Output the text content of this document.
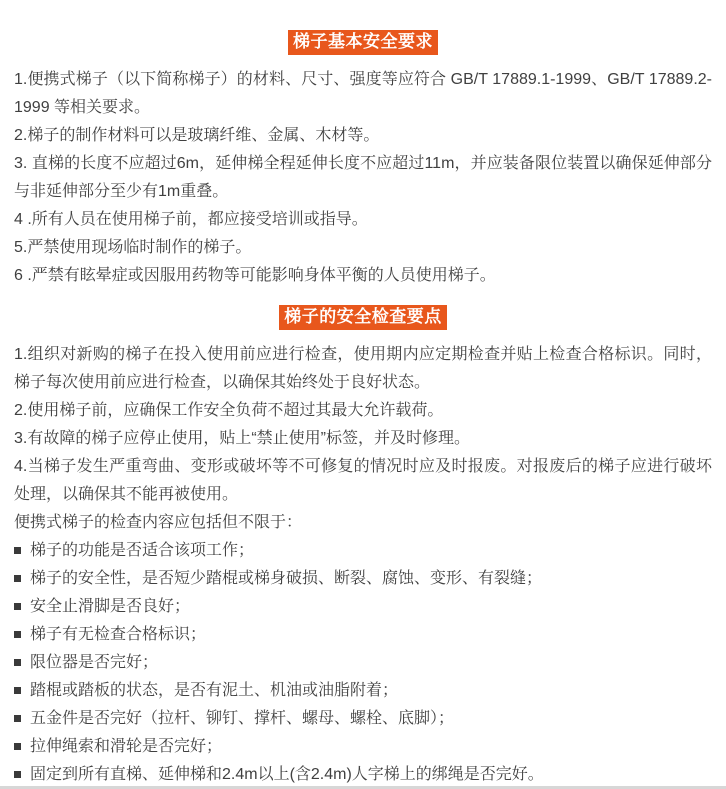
梯子基本安全要求

1.便携式梯子（以下简称梯子）的材料、尺寸、强度等应符合 GB/T 17889.1-1999、GB/T 17889.2-1999 等相关要求。

2.梯子的制作材料可以是玻璃纤维、金属、木材等。

3. 直梯的长度不应超过6m，延伸梯全程延伸长度不应超过11m，并应装备限位装置以确保延伸部分与非延伸部分至少有1m重叠。

4 .所有人员在使用梯子前，都应接受培训或指导。

5.严禁使用现场临时制作的梯子。

6 .严禁有眩晕症或因服用药物等可能影响身体平衡的人员使用梯子。

梯子的安全检查要点

1.组织对新购的梯子在投入使用前应进行检查，使用期内应定期检查并贴上检查合格标识。同时，梯子每次使用前应进行检查，以确保其始终处于良好状态。

2.使用梯子前，应确保工作安全负荷不超过其最大允许载荷。

3.有故障的梯子应停止使用，贴上“禁止使用”标签，并及时修理。

4.当梯子发生严重弯曲、变形或破坏等不可修复的情况时应及时报废。对报废后的梯子应进行破坏处理，以确保其不能再被使用。

便携式梯子的检查内容应包括但不限于：

梯子的功能是否适合该项工作；
梯子的安全性，是否短少踏棍或梯身破损、断裂、腐蚀、变形、有裂缝；
安全止滑脚是否良好；
梯子有无检查合格标识；
限位器是否完好；
踏棍或踏板的状态，是否有泥土、机油或油脂附着；
五金件是否完好（拉杆、铆钉、撑杆、螺母、螺栓、底脚）；
拉伸绳索和滑轮是否完好；
固定到所有直梯、延伸梯和2.4m以上(含2.4m)人字梯上的绑绳是否完好。
